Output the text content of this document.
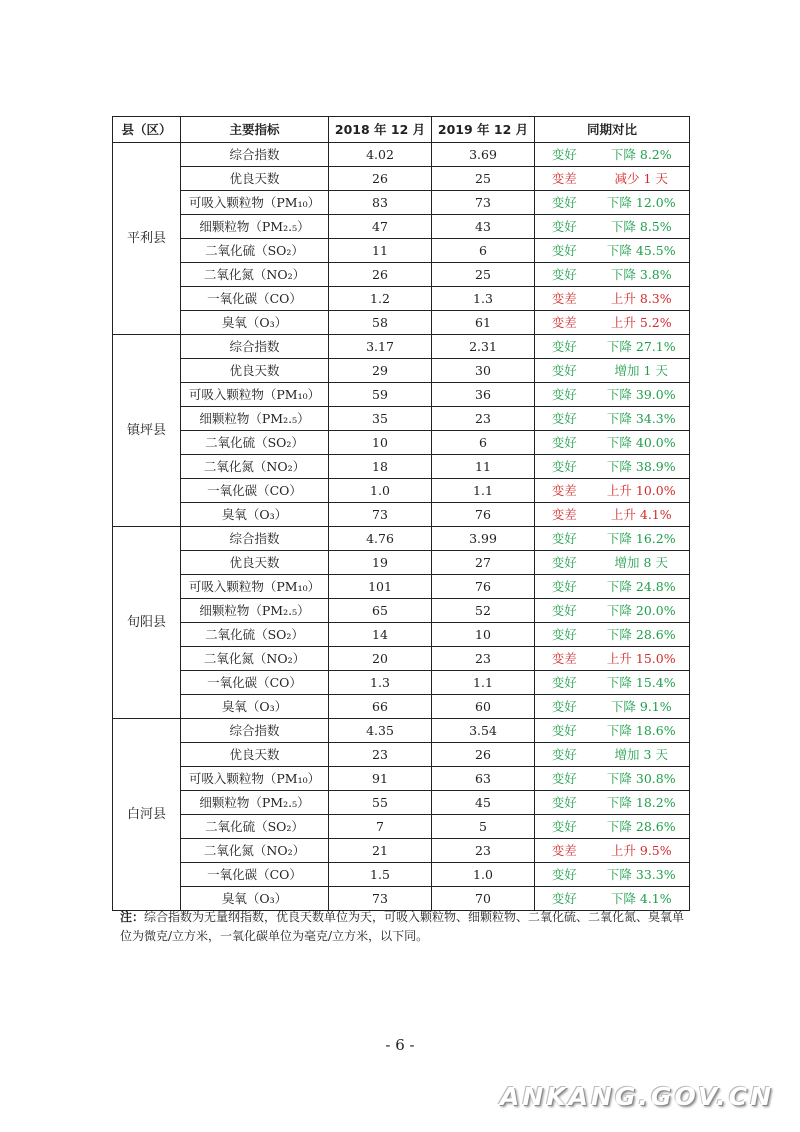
县（区）	主要指标	2018 年 12 月	2019 年 12 月	同期对比	
平利县	综合指数	4.02	3.69	变好	下降 8.2%
	优良天数	26	25	变差	减少 1 天
	可吸入颗粒物（PM₁₀）	83	73	变好	下降 12.0%
	细颗粒物（PM₂.₅）	47	43	变好	下降 8.5%
	二氧化硫（SO₂）	11	6	变好	下降 45.5%
	二氧化氮（NO₂）	26	25	变好	下降 3.8%
	一氧化碳（CO）	1.2	1.3	变差	上升 8.3%
	臭氧（O₃）	58	61	变差	上升 5.2%
镇坪县	综合指数	3.17	2.31	变好	下降 27.1%
	优良天数	29	30	变好	增加 1 天
	可吸入颗粒物（PM₁₀）	59	36	变好	下降 39.0%
	细颗粒物（PM₂.₅）	35	23	变好	下降 34.3%
	二氧化硫（SO₂）	10	6	变好	下降 40.0%
	二氧化氮（NO₂）	18	11	变好	下降 38.9%
	一氧化碳（CO）	1.0	1.1	变差	上升 10.0%
	臭氧（O₃）	73	76	变差	上升 4.1%
旬阳县	综合指数	4.76	3.99	变好	下降 16.2%
	优良天数	19	27	变好	增加 8 天
	可吸入颗粒物（PM₁₀）	101	76	变好	下降 24.8%
	细颗粒物（PM₂.₅）	65	52	变好	下降 20.0%
	二氧化硫（SO₂）	14	10	变好	下降 28.6%
	二氧化氮（NO₂）	20	23	变差	上升 15.0%
	一氧化碳（CO）	1.3	1.1	变好	下降 15.4%
	臭氧（O₃）	66	60	变好	下降 9.1%
白河县	综合指数	4.35	3.54	变好	下降 18.6%
	优良天数	23	26	变好	增加 3 天
	可吸入颗粒物（PM₁₀）	91	63	变好	下降 30.8%
	细颗粒物（PM₂.₅）	55	45	变好	下降 18.2%
	二氧化硫（SO₂）	7	5	变好	下降 28.6%
	二氧化氮（NO₂）	21	23	变差	上升 9.5%
	一氧化碳（CO）	1.5	1.0	变好	下降 33.3%
	臭氧（O₃）	73	70	变好	下降 4.1%
注：综合指数为无量纲指数，优良天数单位为天，可吸入颗粒物、细颗粒物、二氧化硫、二氧化氮、臭氧单位为微克/立方米，一氧化碳单位为毫克/立方米，以下同。
- 6 -
ANKANG.GOV.CN
